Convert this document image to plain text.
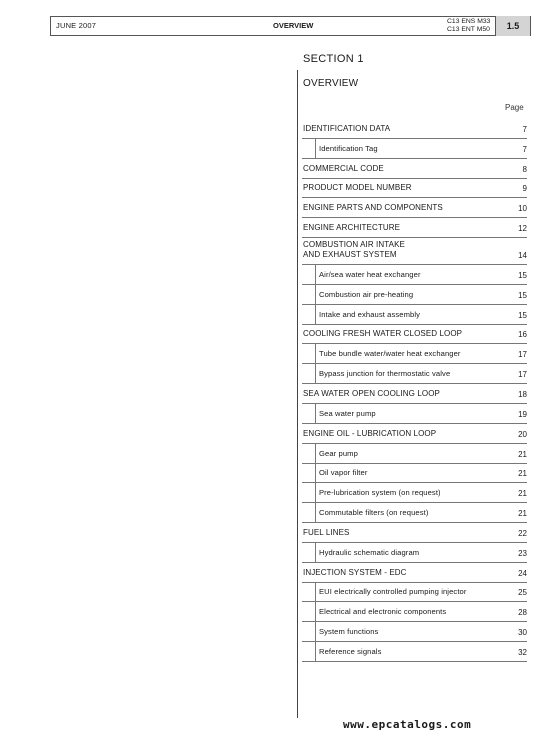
JUNE 2007	OVERVIEW	C13 ENS M33
C13 ENT M50	1.5
SECTION 1
OVERVIEW
Page
IDENTIFICATION DATA	7
Identification Tag	7
COMMERCIAL CODE	8
PRODUCT MODEL NUMBER	9
ENGINE PARTS AND COMPONENTS	10
ENGINE ARCHITECTURE	12
COMBUSTION AIR INTAKE
AND EXHAUST SYSTEM	14
Air/sea water heat exchanger	15
Combustion air pre-heating	15
Intake and exhaust assembly	15
COOLING FRESH WATER CLOSED LOOP	16
Tube bundle water/water heat exchanger	17
Bypass junction for thermostatic valve	17
SEA WATER OPEN COOLING LOOP	18
Sea water pump	19
ENGINE OIL - LUBRICATION LOOP	20
Gear pump	21
Oil vapor filter	21
Pre-lubrication system (on request)	21
Commutable filters (on request)	21
FUEL LINES	22
Hydraulic schematic diagram	23
INJECTION SYSTEM - EDC	24
EUI electrically controlled pumping injector	25
Electrical and electronic components	28
System functions	30
Reference signals	32
www.epcatalogs.com
